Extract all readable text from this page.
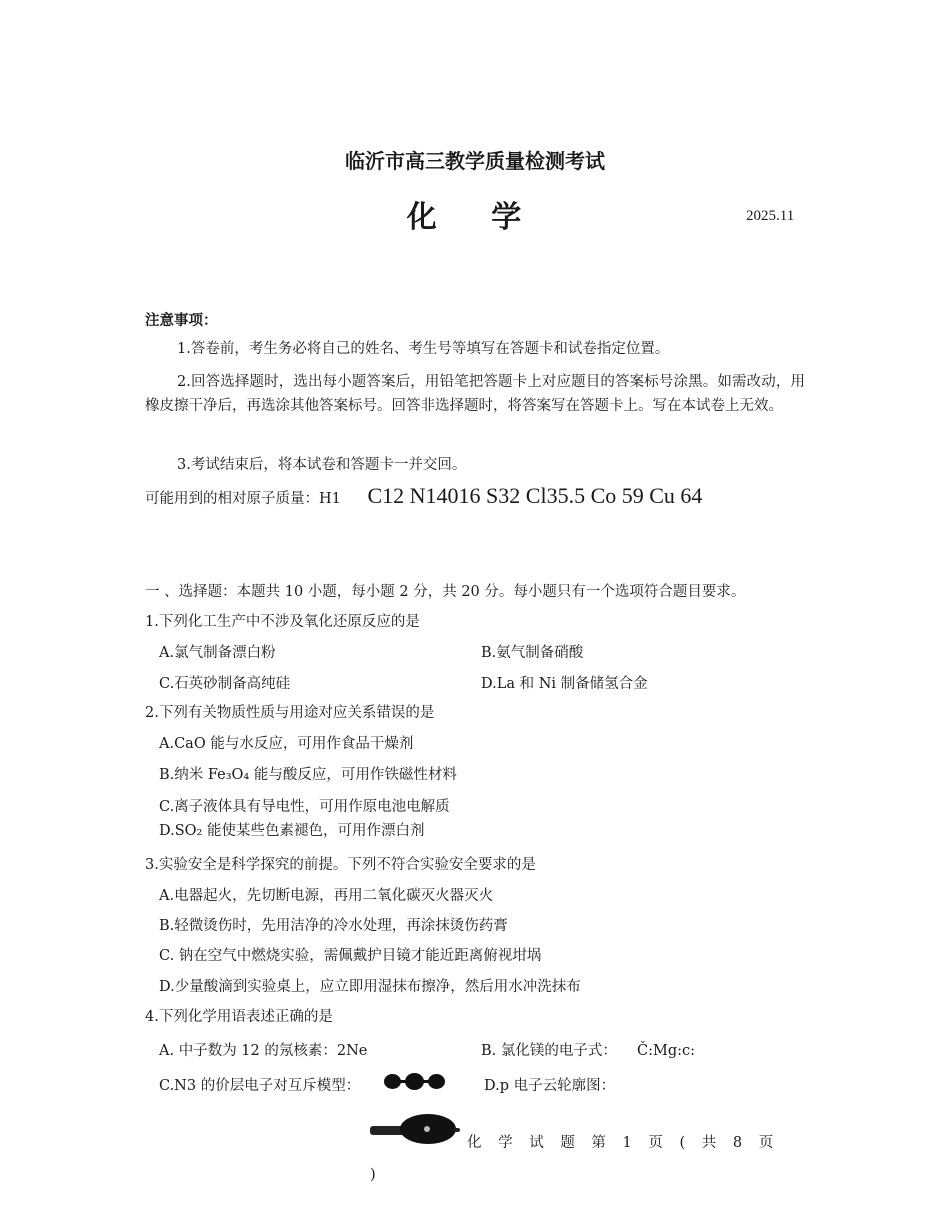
临沂市高三教学质量检测考试
化 学	2025.11
注意事项：
1.答卷前，考生务必将自己的姓名、考生号等填写在答题卡和试卷指定位置。
2.回答选择题时，选出每小题答案后，用铅笔把答题卡上对应题目的答案标号涂黑。如需改动，用橡皮擦干净后，再选涂其他答案标号。回答非选择题时，将答案写在答题卡上。写在本试卷上无效。
3.考试结束后，将本试卷和答题卡一并交回。
可能用到的相对原子质量：H1 C12 N14016 S32 Cl35.5 Co 59 Cu 64
一 、选择题：本题共 10 小题，每小题 2 分，共 20 分。每小题只有一个选项符合题目要求。
1.下列化工生产中不涉及氧化还原反应的是
A.氯气制备漂白粉	B.氨气制备硝酸
C.石英砂制备高纯硅	D.La 和 Ni 制备储氢合金
2.下列有关物质性质与用途对应关系错误的是
A.CaO 能与水反应，可用作食品干燥剂
B.纳米 Fe₃O₄ 能与酸反应，可用作铁磁性材料
C.离子液体具有导电性，可用作原电池电解质
D.SO₂ 能使某些色素褪色，可用作漂白剂
3.实验安全是科学探究的前提。下列不符合实验安全要求的是
A.电器起火，先切断电源，再用二氧化碳灭火器灭火
B.轻微烫伤时，先用洁净的冷水处理，再涂抹烫伤药膏
C. 钠在空气中燃烧实验，需佩戴护目镜才能近距离俯视坩埚
D.少量酸滴到实验桌上，应立即用湿抹布擦净，然后用水冲洗抹布
4.下列化学用语表述正确的是
A. 中子数为 12 的氖核素：2Ne	B. 氯化镁的电子式： Č:Mg:c:
C.N3 的价层电子对互斥模型：	D.p 电子云轮廓图：
化 学 试 题 第 1 页 ( 共 8 页
)
